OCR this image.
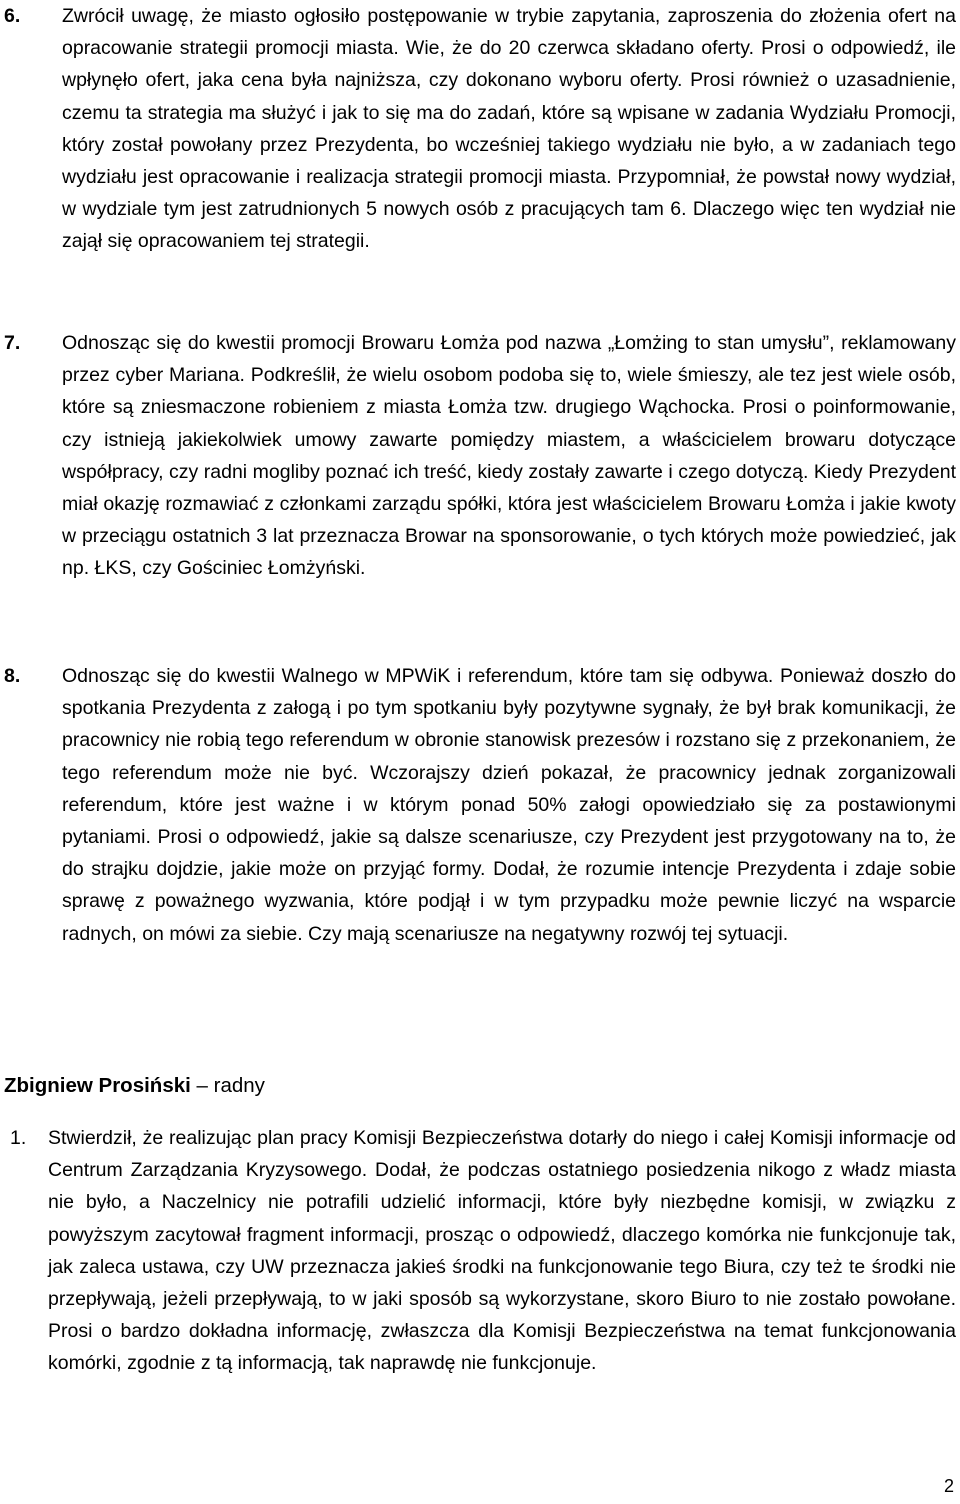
6.	Zwrócił uwagę, że miasto ogłosiło postępowanie w trybie zapytania, zaproszenia do złożenia ofert na opracowanie strategii promocji miasta. Wie, że do 20 czerwca składano oferty. Prosi o odpowiedź, ile wpłynęło ofert, jaka cena była najniższa, czy dokonano wyboru oferty. Prosi również o uzasadnienie, czemu ta strategia ma służyć i jak to się ma do zadań, które są wpisane w zadania Wydziału Promocji, który został powołany przez Prezydenta, bo wcześniej takiego wydziału nie było, a w zadaniach tego wydziału jest opracowanie i realizacja strategii promocji miasta. Przypomniał, że powstał nowy wydział, w wydziale tym jest zatrudnionych 5 nowych osób z pracujących tam 6. Dlaczego więc ten wydział nie zajął się opracowaniem tej strategii.
7.	Odnosząc się do kwestii promocji Browaru Łomża pod nazwa „Łomżing to stan umysłu”, reklamowany przez cyber Mariana. Podkreślił, że wielu osobom podoba się to, wiele śmieszy, ale tez jest wiele osób, które są zniesmaczone robieniem z miasta Łomża tzw. drugiego Wąchocka. Prosi o poinformowanie, czy istnieją jakiekolwiek umowy zawarte pomiędzy miastem, a właścicielem browaru dotyczące współpracy, czy radni mogliby poznać ich treść, kiedy zostały zawarte i czego dotyczą. Kiedy Prezydent miał okazję rozmawiać z członkami zarządu spółki, która jest właścicielem Browaru Łomża i jakie kwoty w przeciągu ostatnich 3 lat przeznacza Browar na sponsorowanie, o tych których może powiedzieć, jak np. ŁKS, czy Gościniec Łomżyński.
8.	Odnosząc się do kwestii Walnego w MPWiK i referendum, które tam się odbywa. Ponieważ doszło do spotkania Prezydenta z załogą i po tym spotkaniu były pozytywne sygnały, że był brak komunikacji, że pracownicy nie robią tego referendum w obronie stanowisk prezesów i rozstano się z przekonaniem, że tego referendum może nie być. Wczorajszy dzień pokazał, że pracownicy jednak zorganizowali referendum, które jest ważne i w którym ponad 50% załogi opowiedziało się za postawionymi pytaniami. Prosi o odpowiedź, jakie są dalsze scenariusze, czy Prezydent jest przygotowany na to, że do strajku dojdzie, jakie może on przyjąć formy. Dodał, że rozumie intencje Prezydenta i zdaje sobie sprawę z poważnego wyzwania, które podjął i w tym przypadku może pewnie liczyć na wsparcie radnych, on mówi za siebie. Czy mają scenariusze na negatywny rozwój tej sytuacji.
Zbigniew Prosiński – radny
1.	Stwierdził, że realizując plan pracy Komisji Bezpieczeństwa dotarły do niego i całej Komisji informacje od Centrum Zarządzania Kryzysowego. Dodał, że podczas ostatniego posiedzenia nikogo z władz miasta nie było, a Naczelnicy nie potrafili udzielić informacji, które były niezbędne komisji, w związku z powyższym zacytował fragment informacji, prosząc o odpowiedź, dlaczego komórka nie funkcjonuje tak, jak zaleca ustawa, czy UW przeznacza jakieś środki na funkcjonowanie tego Biura, czy też te środki nie przepływają, jeżeli przepływają, to w jaki sposób są wykorzystane, skoro Biuro to nie zostało powołane. Prosi o bardzo dokładna informację, zwłaszcza dla Komisji Bezpieczeństwa na temat funkcjonowania komórki, zgodnie z tą informacją, tak naprawdę nie funkcjonuje.
2
